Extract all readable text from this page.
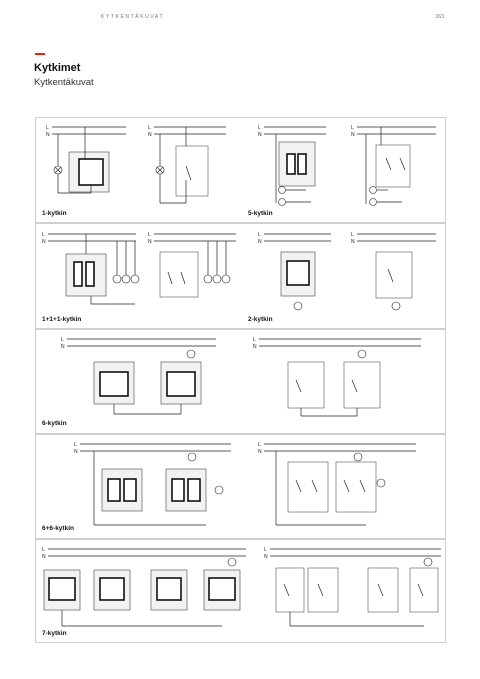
KYTKENTÄKUVAT	263
Kytkimet
Kytkentäkuvat
L
N
L
N
L
N
L
N
1-kytkin	5-kytkin
L
N
L
N
L
N
L
N
1+1+1-kytkin	2-kytkin
L
N
L
N
6-kytkin
L
N
L
N
6+6-kytkin
L
N
L
N
7-kytkin
